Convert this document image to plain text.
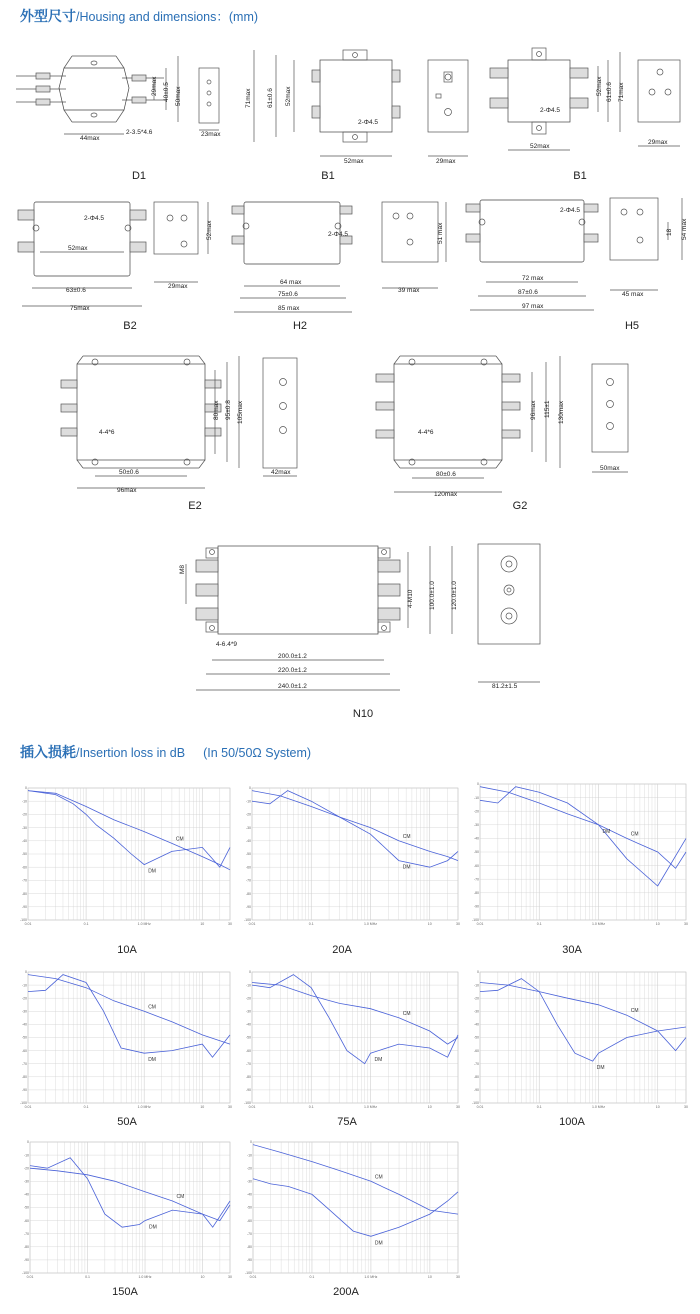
外型尺寸/Housing and dimensions：(mm)
29max 40±0.5 50max
44max
2-3.5*4.6	23max
D1
71max 61±0.6 52max
2-Φ4.5
52max	29max
B1
52max 61±0.6 71max
2-Φ4.5
52max
29max
B1
2-Φ4.5
52max
63±0.6
75max
52max
29max
B2
2-Φ4.5
64 max
75±0.6
85 max
51 max
39 max
H2
2-Φ4.5
72 max
87±0.6
97 max
18 54 max
45 max
H5
4-4*6
80max 95±0.8 105max
50±0.6
96max
42max
E2
4-4*6
96max 115±1 130max
80±0.6
120max
50max
G2
M8
4-M10 100.0±1.0 120.0±1.0
4-6.4*9
200.0±1.2
220.0±1.2
240.0±1.2	81.2±1.5
N10
插入损耗/Insertion loss in dB (In 50/50Ω System)
0
-10
-20
-30
-40
-50
-60
-70
-80
-90
-100
0.01	0.1	1.0 MHz	10	30
CM
DM
0
-10
-20
-30
-40
-50
-60
-70
-80
-90
-100
0.01	0.1	1.0 MHz	10	30
CM
DM
0
-10
-20
-30
-40
-50
-60
-70
-80
-90
-100
0.01	0.1	1.0 MHz	10	30
CM
DM
0
-10
-20
-30
-40
-50
-60
-70
-80
-90
-100
0.01	0.1	1.0 MHz	10	30
CM
DM
0
-10
-20
-30
-40
-50
-60
-70
-80
-90
-100
0.01	0.1	1.0 MHz	10	30
CM
DM
0
-10
-20
-30
-40
-50
-60
-70
-80
-90
-100
0.01	0.1	1.0 MHz	10	30
CM
DM
0
-10
-20
-30
-40
-50
-60
-70
-80
-90
-100
0.01	0.1	1.0 MHz	10	30
CM
DM
0
-10
-20
-30
-40
-50
-60
-70
-80
-90
-100
0.01	0.1	1.0 MHz	10	30
CM
DM
10A	20A	30A
50A	75A	100A
150A	200A
